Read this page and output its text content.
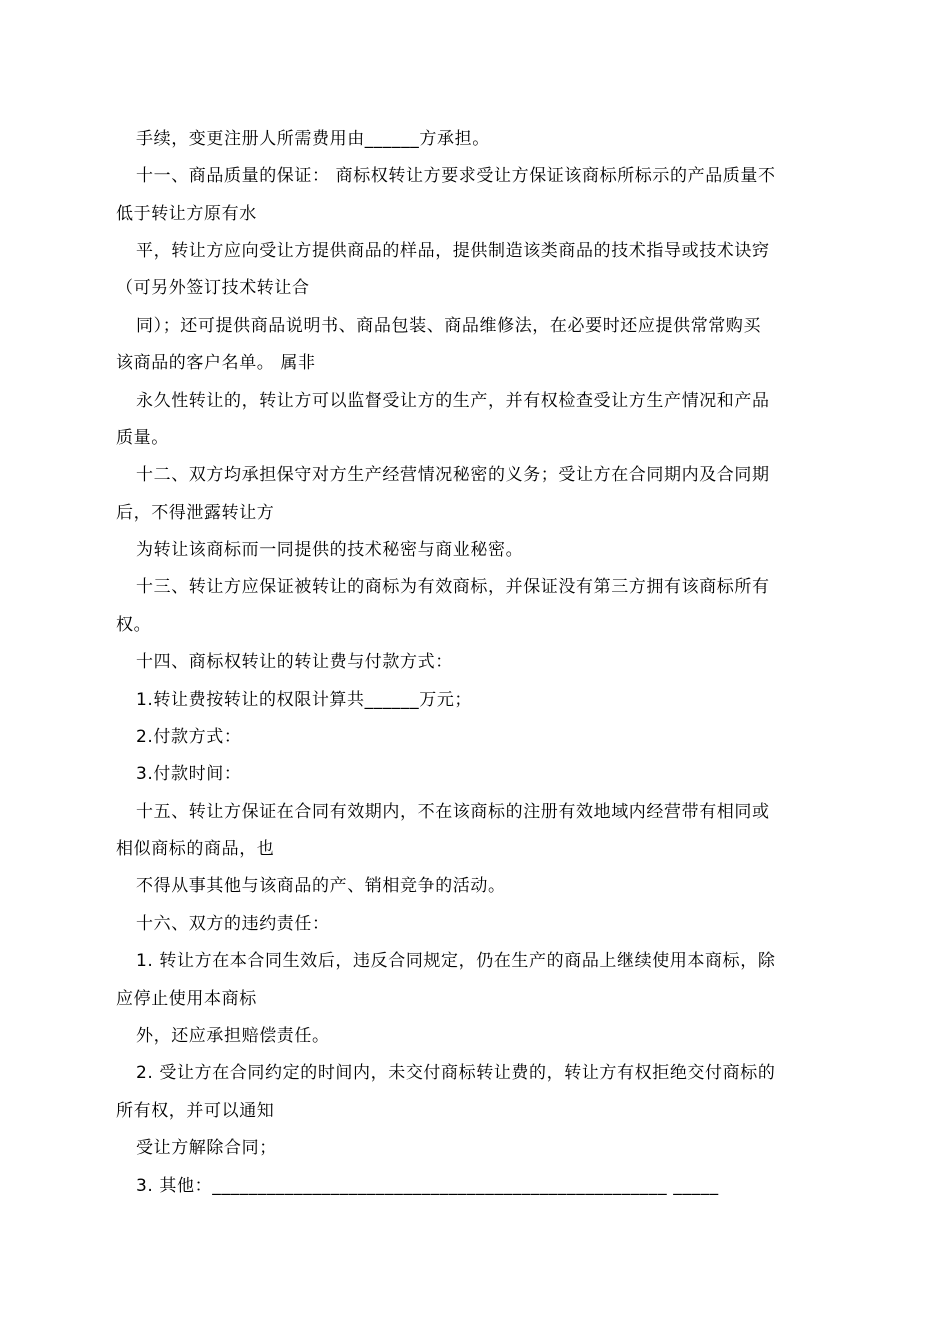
手续，变更注册人所需费用由______方承担。
十一、商品质量的保证： 商标权转让方要求受让方保证该商标所标示的产品质量不
低于转让方原有水
平，转让方应向受让方提供商品的样品，提供制造该类商品的技术指导或技术诀窍
（可另外签订技术转让合
同）；还可提供商品说明书、商品包装、商品维修法，在必要时还应提供常常购买
该商品的客户名单。 属非
永久性转让的，转让方可以监督受让方的生产，并有权检查受让方生产情况和产品
质量。
十二、双方均承担保守对方生产经营情况秘密的义务；受让方在合同期内及合同期
后，不得泄露转让方
为转让该商标而一同提供的技术秘密与商业秘密。
十三、转让方应保证被转让的商标为有效商标，并保证没有第三方拥有该商标所有
权。
十四、商标权转让的转让费与付款方式：
1.转让费按转让的权限计算共______万元；
2.付款方式：
3.付款时间：
十五、转让方保证在合同有效期内，不在该商标的注册有效地域内经营带有相同或
相似商标的商品，也
不得从事其他与该商品的产、销相竞争的活动。
十六、双方的违约责任：
1. 转让方在本合同生效后，违反合同规定，仍在生产的商品上继续使用本商标，除
应停止使用本商标
外，还应承担赔偿责任。
2. 受让方在合同约定的时间内，未交付商标转让费的，转让方有权拒绝交付商标的
所有权，并可以通知
受让方解除合同；
3. 其他：__________________________________________________ _____
